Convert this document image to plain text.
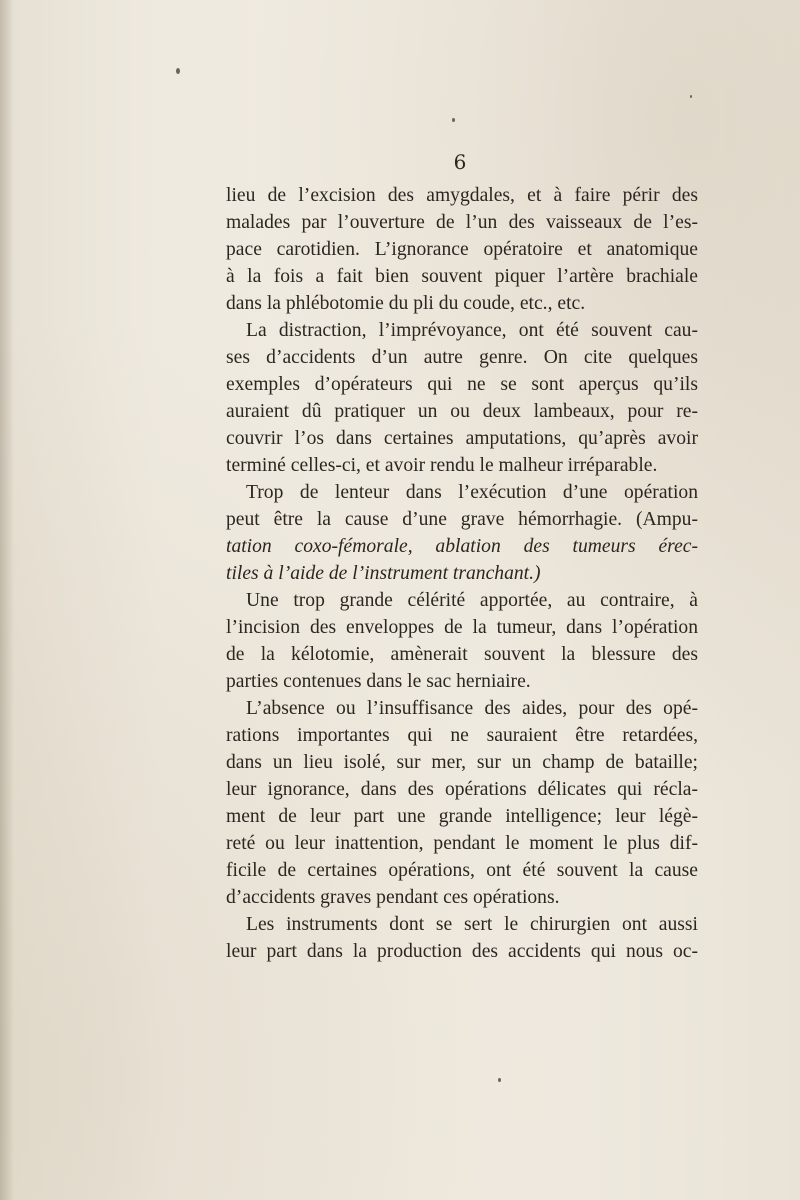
6

lieu de l’excision des amygdales, et à faire périr des
malades par l’ouverture de l’un des vaisseaux de l’es-
pace carotidien. L’ignorance opératoire et anatomique
à la fois a fait bien souvent piquer l’artère brachiale
dans la phlébotomie du pli du coude, etc., etc.

La distraction, l’imprévoyance, ont été souvent cau-
ses d’accidents d’un autre genre. On cite quelques
exemples d’opérateurs qui ne se sont aperçus qu’ils
auraient dû pratiquer un ou deux lambeaux, pour re-
couvrir l’os dans certaines amputations, qu’après avoir
terminé celles-ci, et avoir rendu le malheur irréparable.

Trop de lenteur dans l’exécution d’une opération
peut être la cause d’une grave hémorrhagie. (Ampu-
tation coxo-fémorale, ablation des tumeurs érec-
tiles à l’aide de l’instrument tranchant.)

Une trop grande célérité apportée, au contraire, à
l’incision des enveloppes de la tumeur, dans l’opération
de la kélotomie, amènerait souvent la blessure des
parties contenues dans le sac herniaire.

L’absence ou l’insuffisance des aides, pour des opé-
rations importantes qui ne sauraient être retardées,
dans un lieu isolé, sur mer, sur un champ de bataille;
leur ignorance, dans des opérations délicates qui récla-
ment de leur part une grande intelligence; leur légè-
reté ou leur inattention, pendant le moment le plus dif-
ficile de certaines opérations, ont été souvent la cause
d’accidents graves pendant ces opérations.

Les instruments dont se sert le chirurgien ont aussi
leur part dans la production des accidents qui nous oc-
